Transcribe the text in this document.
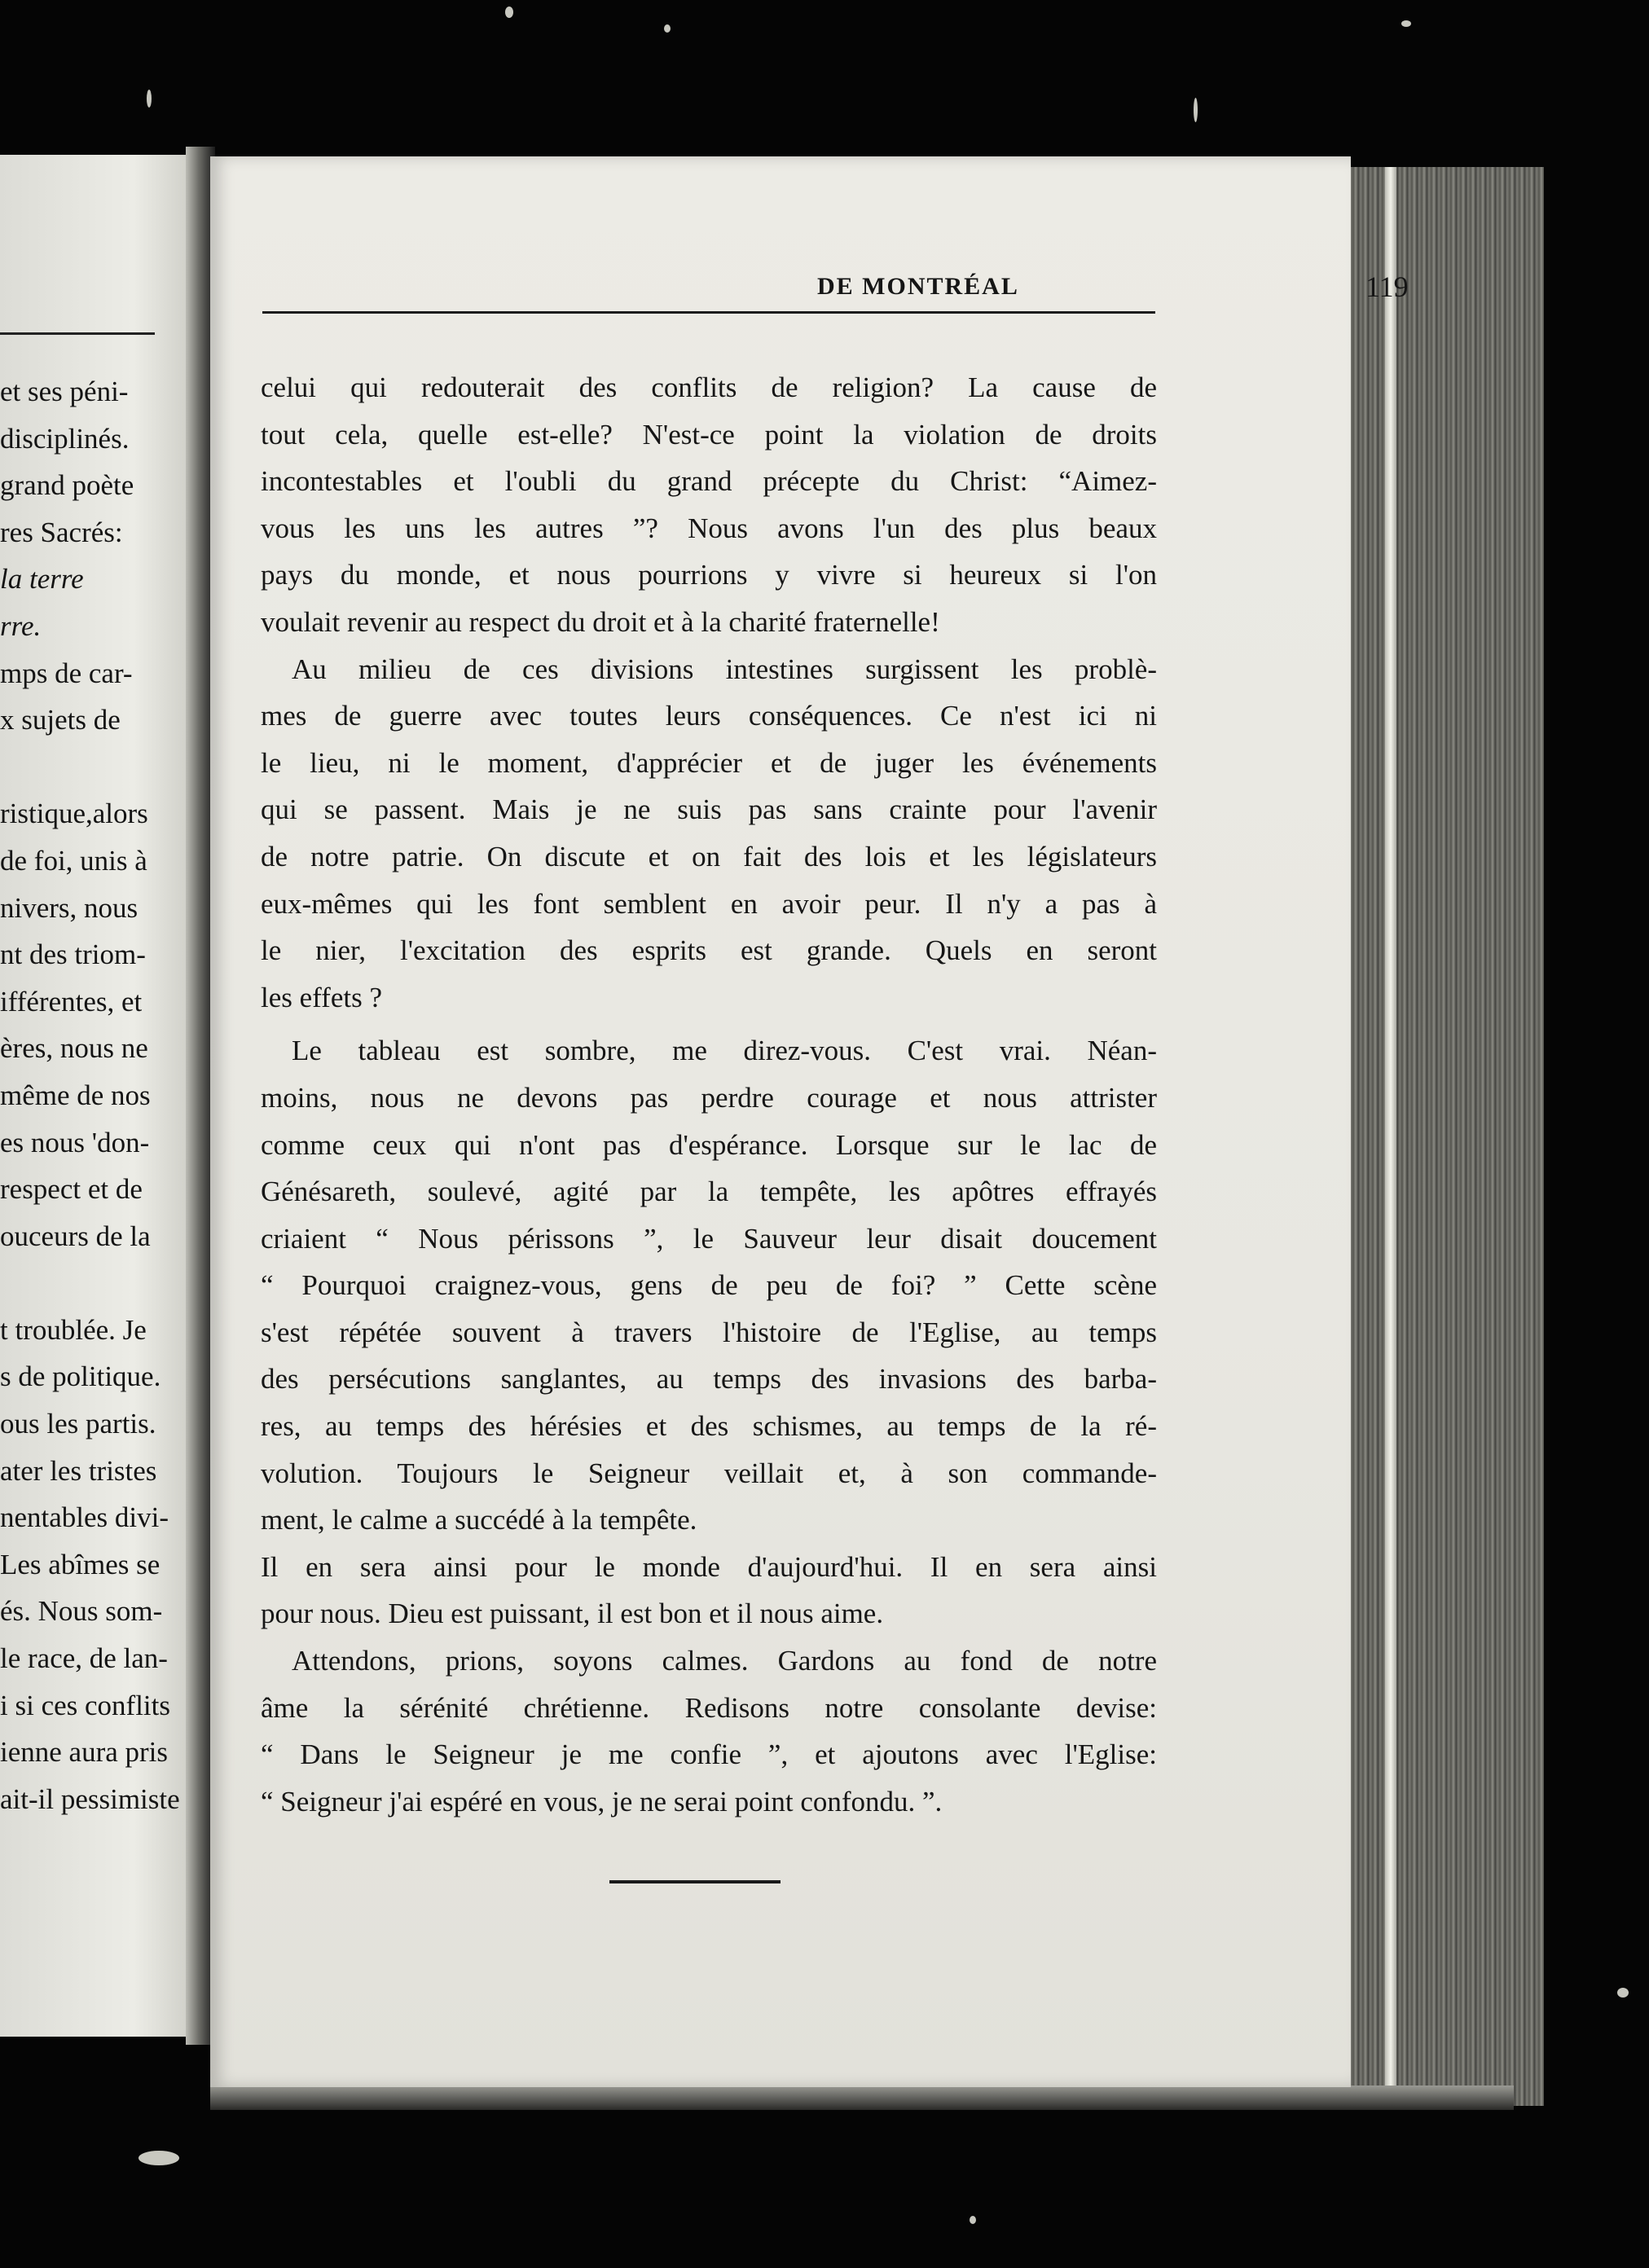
et ses péni-
disciplinés.
grand poète
res Sacrés:
la terre
rre.
mps de car-
x sujets de
ristique,alors
de foi, unis à
nivers, nous
nt des triom-
ifférentes, et
ères, nous ne
même de nos
es nous 'don-
respect et de
ouceurs de la
t troublée. Je
s de politique.
ous les partis.
ater les tristes
nentables divi-
Les abîmes se
és. Nous som-
le race, de lan-
i si ces conflits
ienne aura pris
ait-il pessimiste
DE MONTRÉAL	119
celui qui redouterait des conflits de religion? La cause de
tout cela, quelle est-elle? N'est-ce point la violation de droits
incontestables et l'oubli du grand précepte du Christ: “Aimez-
vous les uns les autres ”? Nous avons l'un des plus beaux
pays du monde, et nous pourrions y vivre si heureux si l'on
voulait revenir au respect du droit et à la charité fraternelle!
Au milieu de ces divisions intestines surgissent les problè-
mes de guerre avec toutes leurs conséquences. Ce n'est ici ni
le lieu, ni le moment, d'apprécier et de juger les événements
qui se passent. Mais je ne suis pas sans crainte pour l'avenir
de notre patrie. On discute et on fait des lois et les législateurs
eux-mêmes qui les font semblent en avoir peur. Il n'y a pas à
le nier, l'excitation des esprits est grande. Quels en seront
les effets ?
Le tableau est sombre, me direz-vous. C'est vrai. Néan-
moins, nous ne devons pas perdre courage et nous attrister
comme ceux qui n'ont pas d'espérance. Lorsque sur le lac de
Génésareth, soulevé, agité par la tempête, les apôtres effrayés
criaient “ Nous périssons ”, le Sauveur leur disait doucement
“ Pourquoi craignez-vous, gens de peu de foi? ” Cette scène
s'est répétée souvent à travers l'histoire de l'Eglise, au temps
des persécutions sanglantes, au temps des invasions des barba-
res, au temps des hérésies et des schismes, au temps de la ré-
volution. Toujours le Seigneur veillait et, à son commande-
ment, le calme a succédé à la tempête.
Il en sera ainsi pour le monde d'aujourd'hui. Il en sera ainsi
pour nous. Dieu est puissant, il est bon et il nous aime.
Attendons, prions, soyons calmes. Gardons au fond de notre
âme la sérénité chrétienne. Redisons notre consolante devise:
“ Dans le Seigneur je me confie ”, et ajoutons avec l'Eglise:
“ Seigneur j'ai espéré en vous, je ne serai point confondu. ”.
